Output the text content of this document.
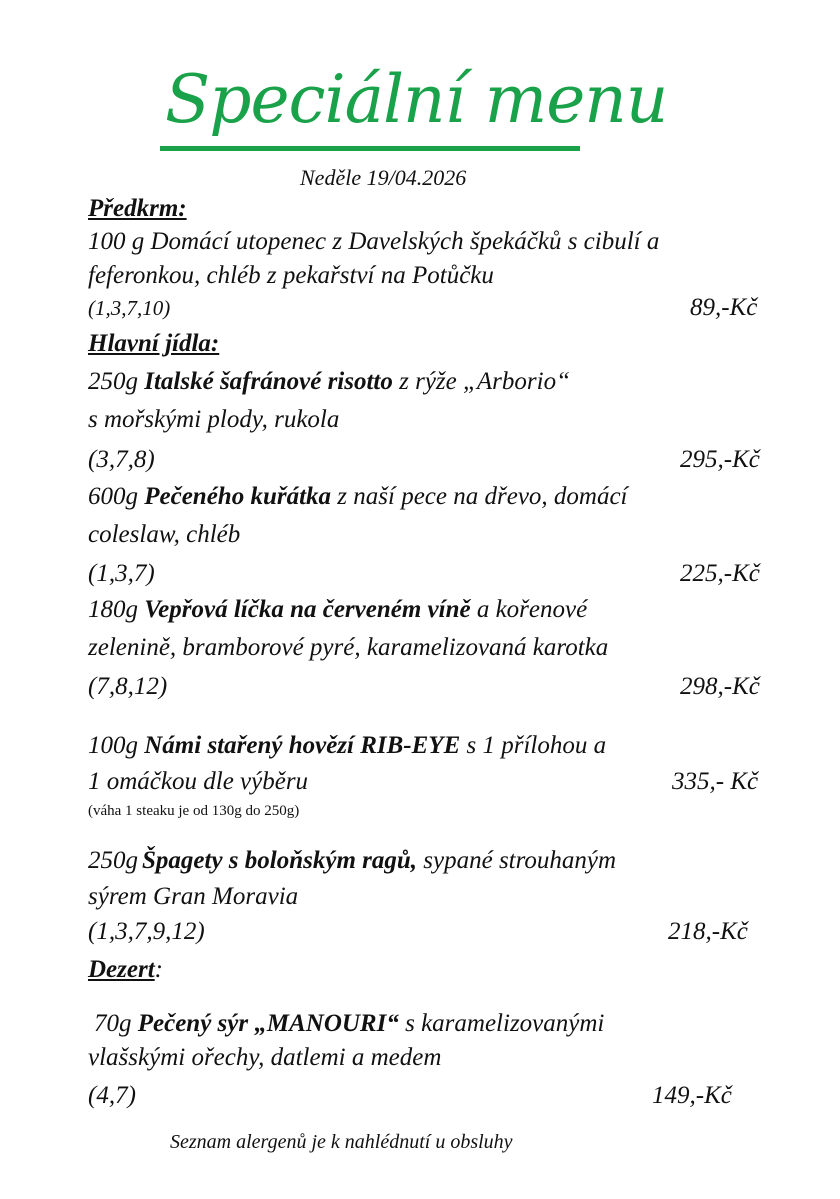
Speciální menu
Neděle 19/04.2026
Předkrm:
100 g Domácí utopenec z Davelských špekáčků s cibulí a
feferonkou, chléb z pekařství na Potůčku
(1,3,7,10)	89,-Kč
Hlavní jídla:
250g Italské šafránové risotto z rýže „Arborio“
s mořskými plody, rukola
(3,7,8)	295,-Kč
600g Pečeného kuřátka z naší pece na dřevo, domácí
coleslaw, chléb
(1,3,7)	225,-Kč
180g Vepřová líčka na červeném víně a kořenové
zelenině, bramborové pyré, karamelizovaná karotka
(7,8,12)	298,-Kč
100g Námi stařený hovězí RIB-EYE s 1 přílohou a
1 omáčkou dle výběru	335,- Kč
(váha 1 steaku je od 130g do 250g)
250g Špagety s boloňským ragů, sypané strouhaným
sýrem Gran Moravia
(1,3,7,9,12)	218,-Kč
Dezert:
70g Pečený sýr „MANOURI“ s karamelizovanými
vlašskými ořechy, datlemi a medem
(4,7)	149,-Kč
Seznam alergenů je k nahlédnutí u obsluhy
